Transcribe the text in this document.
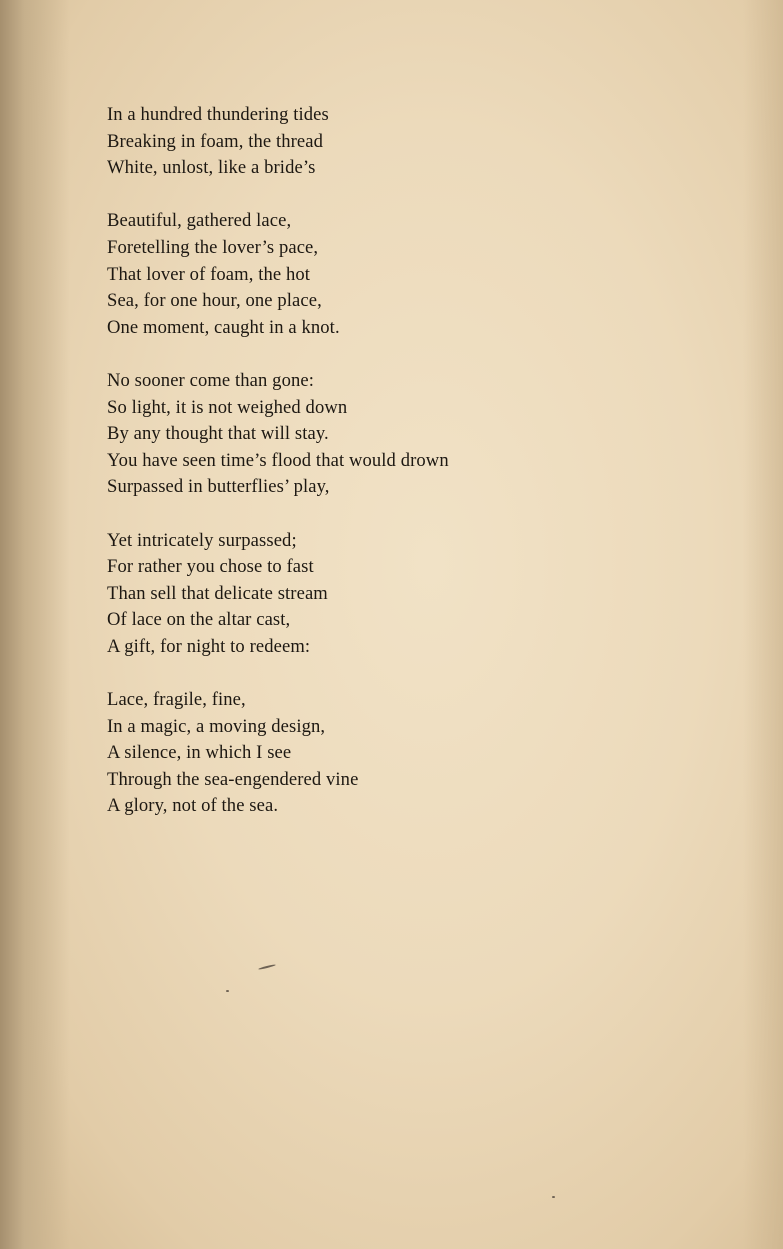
In a hundred thundering tides
Breaking in foam, the thread
White, unlost, like a bride’s
Beautiful, gathered lace,
Foretelling the lover’s pace,
That lover of foam, the hot
Sea, for one hour, one place,
One moment, caught in a knot.
No sooner come than gone:
So light, it is not weighed down
By any thought that will stay.
You have seen time’s flood that would drown
Surpassed in butterflies’ play,
Yet intricately surpassed;
For rather you chose to fast
Than sell that delicate stream
Of lace on the altar cast,
A gift, for night to redeem:
Lace, fragile, fine,
In a magic, a moving design,
A silence, in which I see
Through the sea-engendered vine
A glory, not of the sea.
